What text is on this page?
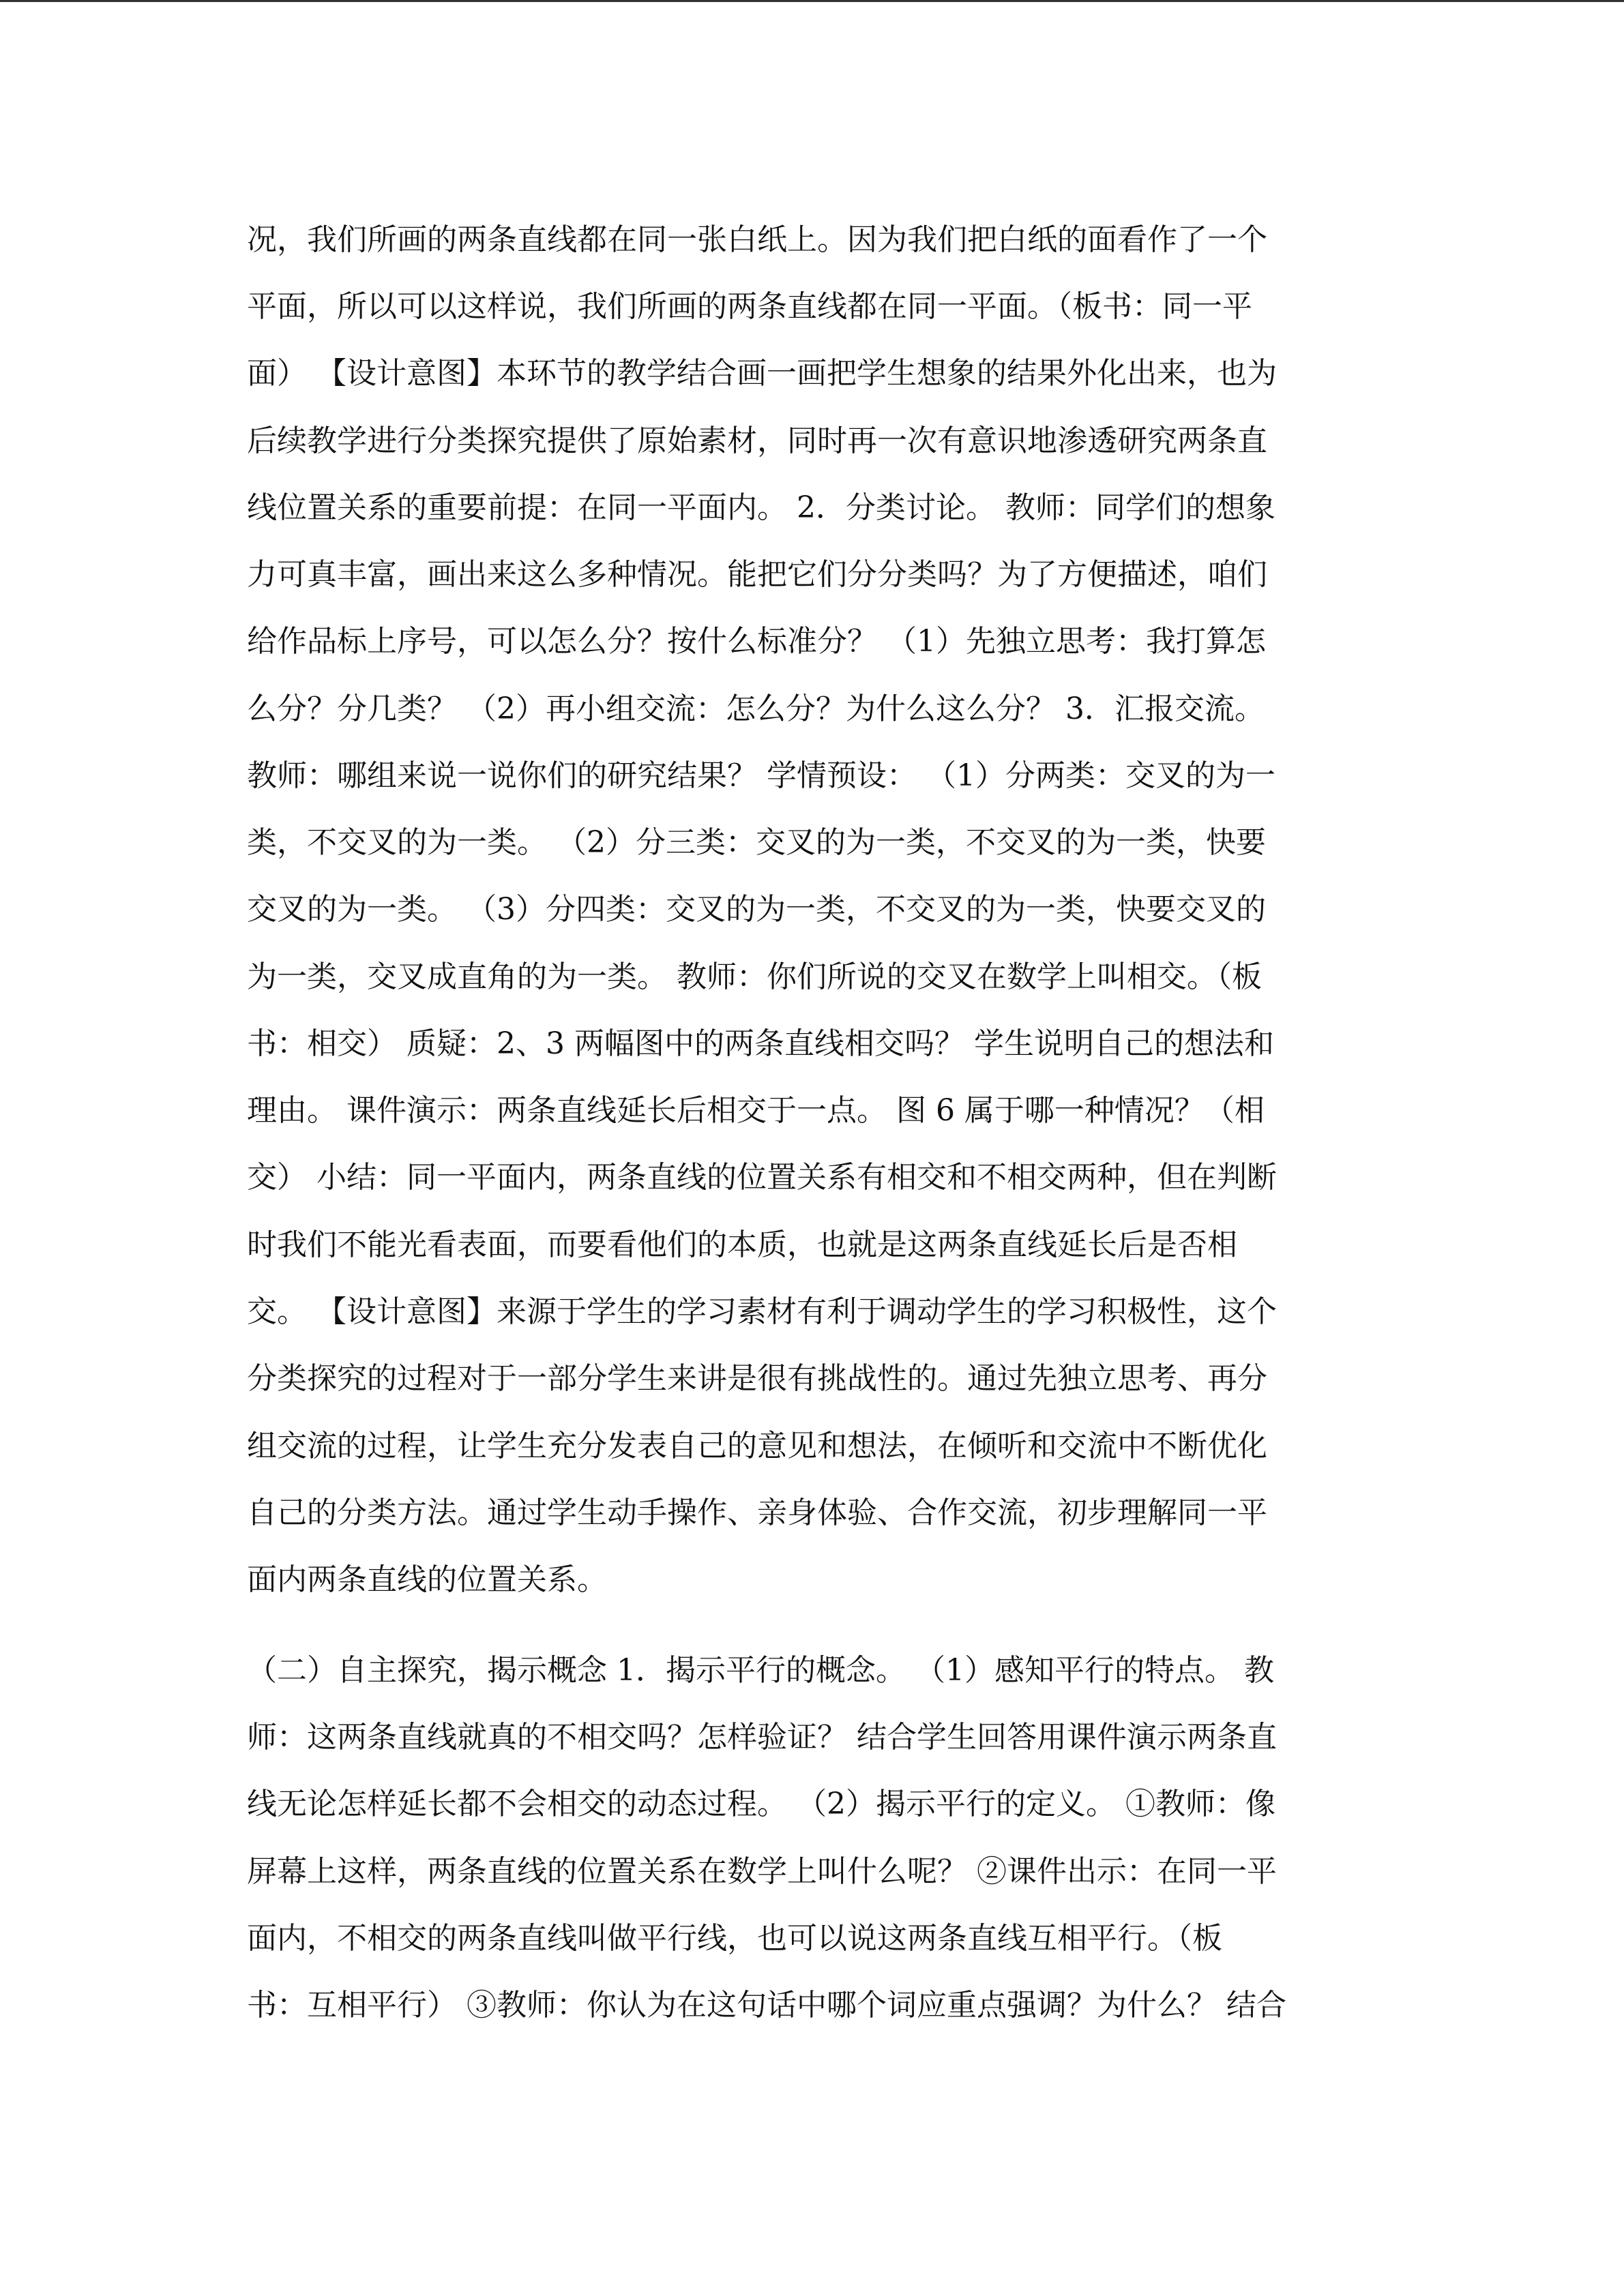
况，我们所画的两条直线都在同一张白纸上。因为我们把白纸的面看作了一个
平面，所以可以这样说，我们所画的两条直线都在同一平面。（板书：同一平
面） 【设计意图】本环节的教学结合画一画把学生想象的结果外化出来，也为
后续教学进行分类探究提供了原始素材，同时再一次有意识地渗透研究两条直
线位置关系的重要前提：在同一平面内。 2．分类讨论。 教师：同学们的想象
力可真丰富，画出来这么多种情况。能把它们分分类吗？为了方便描述，咱们
给作品标上序号，可以怎么分？按什么标准分？ （1）先独立思考：我打算怎
么分？分几类？ （2）再小组交流：怎么分？为什么这么分？ 3．汇报交流。
教师：哪组来说一说你们的研究结果？ 学情预设： （1）分两类：交叉的为一
类，不交叉的为一类。 （2）分三类：交叉的为一类，不交叉的为一类，快要
交叉的为一类。 （3）分四类：交叉的为一类，不交叉的为一类，快要交叉的
为一类，交叉成直角的为一类。 教师：你们所说的交叉在数学上叫相交。（板
书：相交） 质疑：2、3 两幅图中的两条直线相交吗？ 学生说明自己的想法和
理由。 课件演示：两条直线延长后相交于一点。 图 6 属于哪一种情况？（相
交） 小结：同一平面内，两条直线的位置关系有相交和不相交两种，但在判断
时我们不能光看表面，而要看他们的本质，也就是这两条直线延长后是否相
交。 【设计意图】来源于学生的学习素材有利于调动学生的学习积极性，这个
分类探究的过程对于一部分学生来讲是很有挑战性的。通过先独立思考、再分
组交流的过程，让学生充分发表自己的意见和想法，在倾听和交流中不断优化
自己的分类方法。通过学生动手操作、亲身体验、合作交流，初步理解同一平
面内两条直线的位置关系。
（二）自主探究，揭示概念 1．揭示平行的概念。 （1）感知平行的特点。 教
师：这两条直线就真的不相交吗？怎样验证？ 结合学生回答用课件演示两条直
线无论怎样延长都不会相交的动态过程。 （2）揭示平行的定义。 ①教师：像
屏幕上这样，两条直线的位置关系在数学上叫什么呢？ ②课件出示：在同一平
面内，不相交的两条直线叫做平行线，也可以说这两条直线互相平行。（板
书：互相平行） ③教师：你认为在这句话中哪个词应重点强调？为什么？ 结合
